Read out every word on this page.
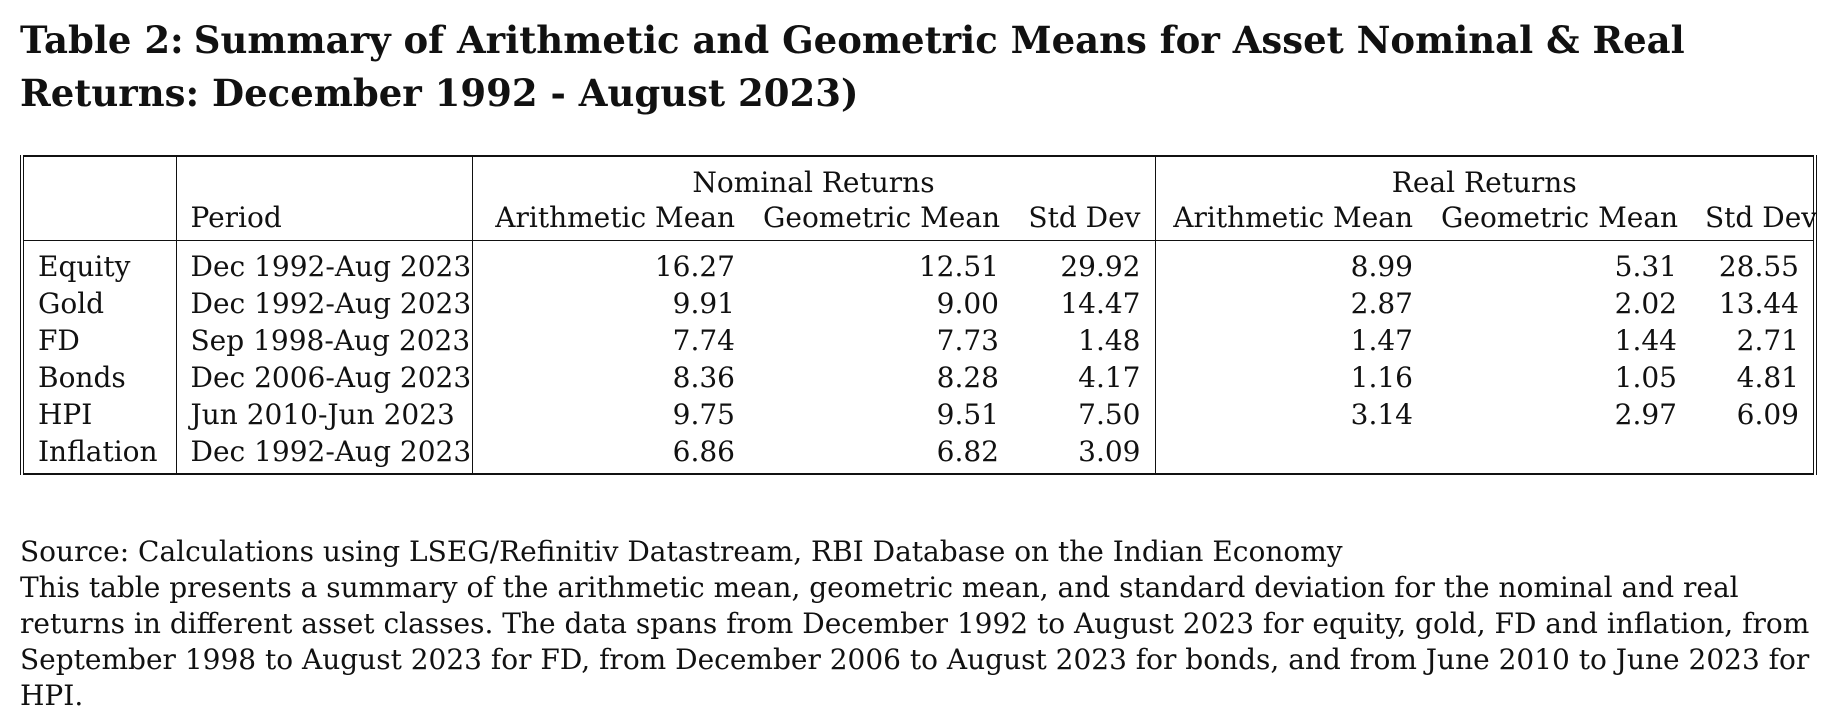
Table 2: Summary of Arithmetic and Geometric Means for Asset Nominal & Real Returns: December 1992 - August 2023)
		Nominal Returns			Real Returns		
	Period	Arithmetic Mean	Geometric Mean	Std Dev	Arithmetic Mean	Geometric Mean	Std Dev
Equity	Dec 1992-Aug 2023	16.27	12.51	29.92	8.99	5.31	28.55
Gold	Dec 1992-Aug 2023	9.91	9.00	14.47	2.87	2.02	13.44
FD	Sep 1998-Aug 2023	7.74	7.73	1.48	1.47	1.44	2.71
Bonds	Dec 2006-Aug 2023	8.36	8.28	4.17	1.16	1.05	4.81
HPI	Jun 2010-Jun 2023	9.75	9.51	7.50	3.14	2.97	6.09
Inflation	Dec 1992-Aug 2023	6.86	6.82	3.09			

Source: Calculations using LSEG/Refinitiv Datastream, RBI Database on the Indian Economy

This table presents a summary of the arithmetic mean, geometric mean, and standard deviation for the nominal and real returns in different asset classes. The data spans from December 1992 to August 2023 for equity, gold, FD and inflation, from September 1998 to August 2023 for FD, from December 2006 to August 2023 for bonds, and from June 2010 to June 2023 for HPI.
